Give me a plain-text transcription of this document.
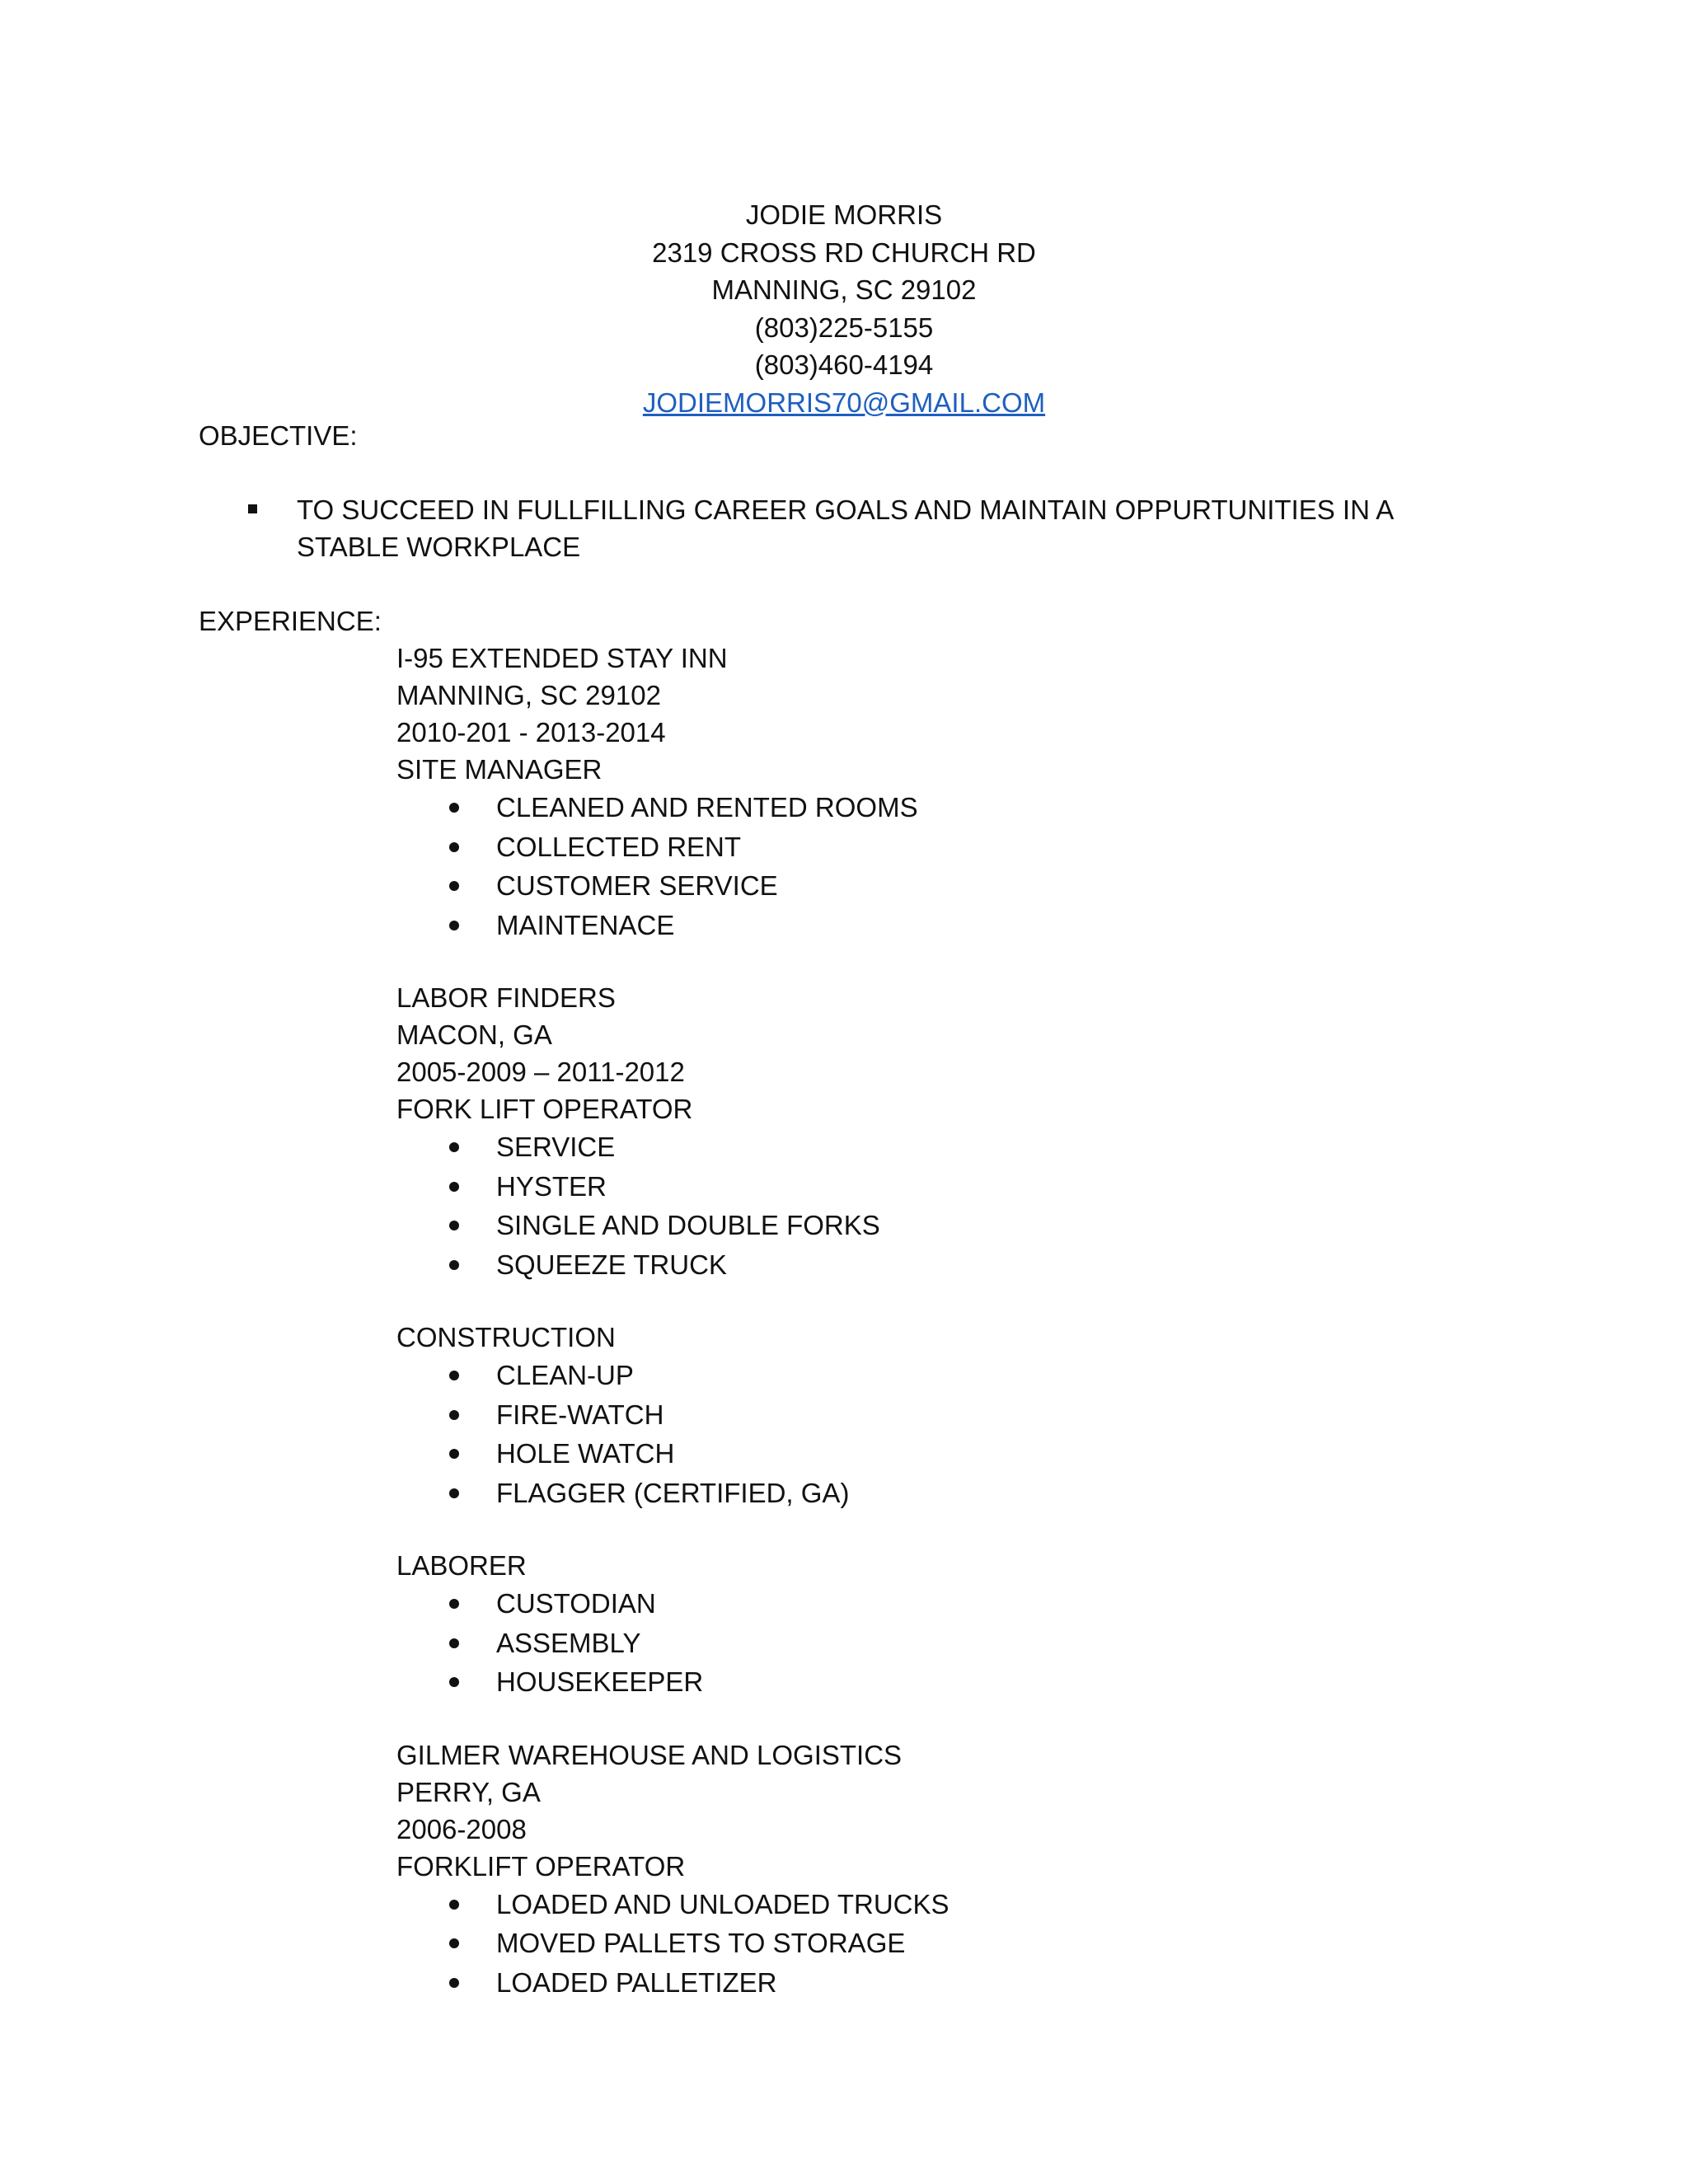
JODIE MORRIS
2319 CROSS RD CHURCH RD
MANNING, SC 29102
(803)225-5155
(803)460-4194
JODIEMORRIS70@GMAIL.COM
OBJECTIVE:
TO SUCCEED IN FULLFILLING CAREER GOALS AND MAINTAIN OPPURTUNITIES IN A STABLE WORKPLACE
EXPERIENCE:
I-95 EXTENDED STAY INN
MANNING, SC 29102
2010-201 - 2013-2014
SITE MANAGER
CLEANED AND RENTED ROOMS
COLLECTED RENT
CUSTOMER SERVICE
MAINTENACE
LABOR FINDERS
MACON, GA
2005-2009 – 2011-2012
FORK LIFT OPERATOR
SERVICE
HYSTER
SINGLE AND DOUBLE FORKS
SQUEEZE TRUCK
CONSTRUCTION
CLEAN-UP
FIRE-WATCH
HOLE WATCH
FLAGGER (CERTIFIED, GA)
LABORER
CUSTODIAN
ASSEMBLY
HOUSEKEEPER
GILMER WAREHOUSE AND LOGISTICS
PERRY, GA
2006-2008
FORKLIFT OPERATOR
LOADED AND UNLOADED TRUCKS
MOVED PALLETS TO STORAGE
LOADED PALLETIZER
